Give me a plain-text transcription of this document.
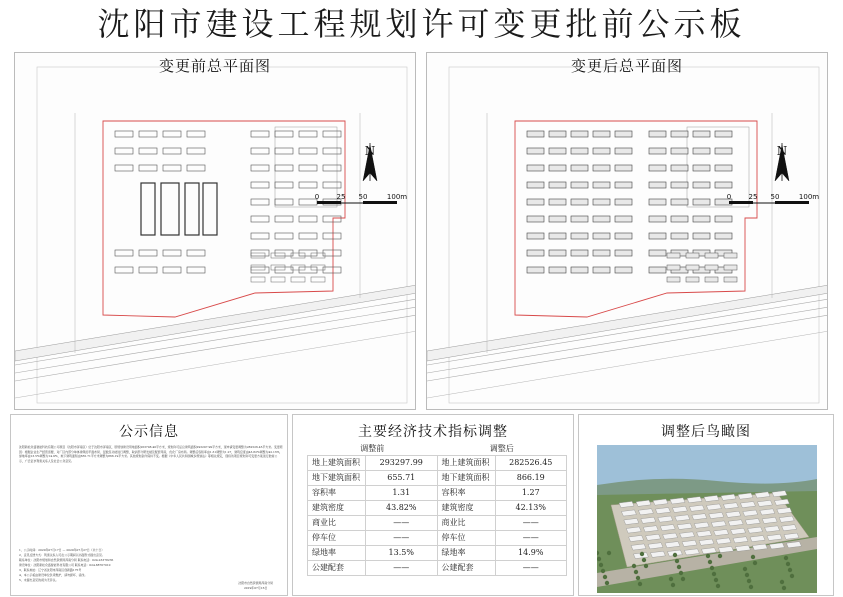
沈阳市建设工程规划许可变更批前公示板
N
0 25 50	100m
变更前总平面图
N
0 25 50	100m
变更后总平面图
公示信息
沈阳新松众盛智能科技有限公司项目（沈阳市浑南区）位于沈阳市浑南区，原规划建设用地面积263708.40平方米，规划许可证总建筑面积293297.99平方米，现申请变更调整为282526.45平方米。变更原因：根据企业生产经营需要，对厂区内部分单体建筑的平面布局、层数及功能进行调整，取消部分研发楼及配套用房，优化厂房布局。调整后容积率由1.31调整为1.27，建筑密度由43.82%调整为42.13%，绿地率由13.5%调整为14.9%，地下建筑面积由655.71平方米调整为866.19平方米。其他规划条件保持不变。根据《中华人民共和国城乡规划法》等相关规定，现将该项目规划许可变更方案进行批前公示，广泛征求利害关系人及社会公众意见。
1、公示时间：2020年07月17日 — 2020年07月27日（共十日）
2、意见反馈方式：利害关系人可在公示期间以书面形式提出意见。
联系单位：沈阳市规划和自然资源局浑南分局 联系电话：024-23378235
建设单位：沈阳新松众盛智能科技有限公司 联系电话：024-88707010
3、联系地址：辽宁省沈阳市浑南区创新路175号
4、本公示板由建设单位负责维护，请勿损坏、涂改。
5、未提出意见的视为无异议。
沈阳市自然资源局浑南分局
2019年07月16日
主要经济技术指标调整
调整前		调整后	
地上建筑面积	293297.99	地上建筑面积	282526.45
地下建筑面积	655.71	地下建筑面积	866.19
容积率	1.31	容积率	1.27
建筑密度	43.82%	建筑密度	42.13%
商业比	——	商业比	——
停车位	——	停车位	——
绿地率	13.5%	绿地率	14.9%
公建配套	——	公建配套	——
调整后鸟瞰图
